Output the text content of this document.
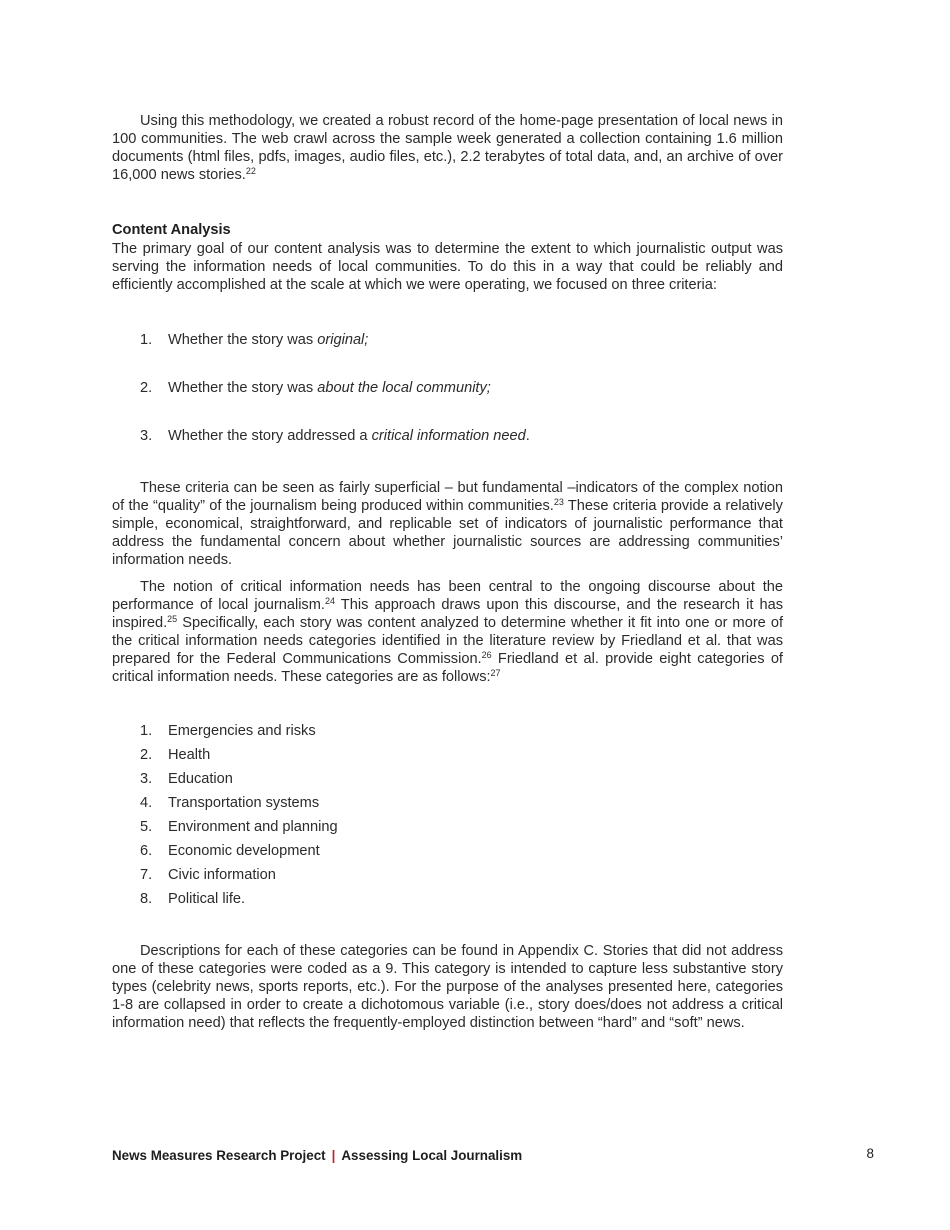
Using this methodology, we created a robust record of the home-page presentation of local news in 100 communities. The web crawl across the sample week generated a collection containing 1.6 million documents (html files, pdfs, images, audio files, etc.), 2.2 terabytes of total data, and, an archive of over 16,000 news stories.$^{22}$

Content Analysis

The primary goal of our content analysis was to determine the extent to which journalistic output was serving the information needs of local communities. To do this in a way that could be reliably and efficiently accomplished at the scale at which we were operating, we focused on three criteria:

1. Whether the story was original;
2. Whether the story was about the local community;
3. Whether the story addressed a critical information need.

These criteria can be seen as fairly superficial – but fundamental –indicators of the complex notion of the “quality” of the journalism being produced within communities.$^{23}$ These criteria provide a relatively simple, economical, straightforward, and replicable set of indicators of journalistic performance that address the fundamental concern about whether journalistic sources are addressing communities’ information needs.

The notion of critical information needs has been central to the ongoing discourse about the performance of local journalism.$^{24}$ This approach draws upon this discourse, and the research it has inspired.$^{25}$ Specifically, each story was content analyzed to determine whether it fit into one or more of the critical information needs categories identified in the literature review by Friedland et al. that was prepared for the Federal Communications Commission.$^{26}$ Friedland et al. provide eight categories of critical information needs. These categories are as follows:$^{27}$

1. Emergencies and risks
2. Health
3. Education
4. Transportation systems
5. Environment and planning
6. Economic development
7. Civic information
8. Political life.

Descriptions for each of these categories can be found in Appendix C. Stories that did not address one of these categories were coded as a 9. This category is intended to capture less substantive story types (celebrity news, sports reports, etc.). For the purpose of the analyses presented here, categories 1-8 are collapsed in order to create a dichotomous variable (i.e., story does/does not address a critical information need) that reflects the frequently-employed distinction between “hard” and “soft” news.

News Measures Research Project | Assessing Local Journalism	8
